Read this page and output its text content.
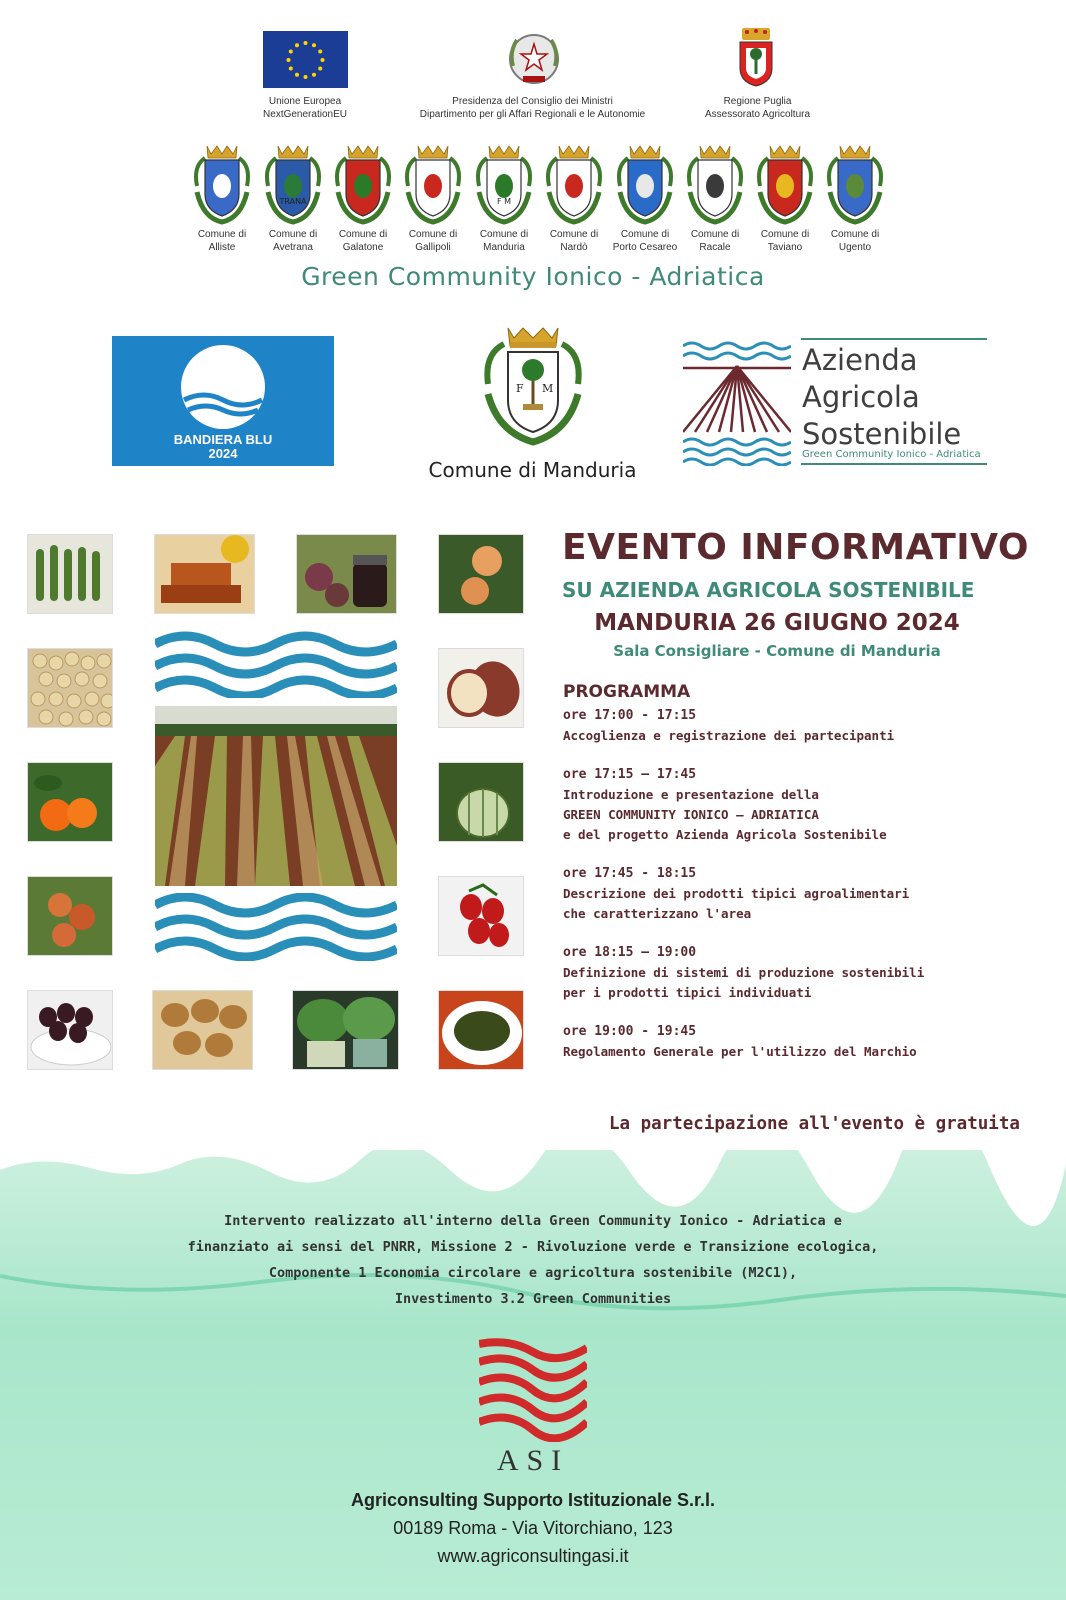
Unione Europea
NextGenerationEU
Presidenza del Consiglio dei Ministri
Dipartimento per gli Affari Regionali e le Autonomie
Regione Puglia
Assessorato Agricoltura
Comune di
Alliste
TRANA
Comune di
Avetrana
Comune di
Galatone
Comune di
Gallipoli
F M
Comune di
Manduria
Comune di
Nardò
Comune di
Porto Cesareo
Comune di
Racale
Comune di
Taviano
Comune di
Ugento
Green Community Ionico - Adriatica
BANDIERA BLU
2024
F M
Comune di Manduria
Azienda
Agricola
Sostenibile
Green Community Ionico - Adriatica
EVENTO INFORMATIVO
SU AZIENDA AGRICOLA SOSTENIBILE
MANDURIA 26 GIUGNO 2024
Sala Consigliare - Comune di Manduria
PROGRAMMA
ore 17:00 - 17:15
Accoglienza e registrazione dei partecipanti
ore 17:15 – 17:45
Introduzione e presentazione della
GREEN COMMUNITY IONICO – ADRIATICA
e del progetto Azienda Agricola Sostenibile
ore 17:45 - 18:15
Descrizione dei prodotti tipici agroalimentari
che caratterizzano l'area
ore 18:15 – 19:00
Definizione di sistemi di produzione sostenibili
per i prodotti tipici individuati
ore 19:00 - 19:45
Regolamento Generale per l'utilizzo del Marchio
La partecipazione all'evento è gratuita
Intervento realizzato all'interno della Green Community Ionico - Adriatica e
finanziato ai sensi del PNRR, Missione 2 - Rivoluzione verde e Transizione ecologica,
Componente 1 Economia circolare e agricoltura sostenibile (M2C1),
Investimento 3.2 Green Communities
ASI
Agriconsulting Supporto Istituzionale S.r.l.
00189 Roma - Via Vitorchiano, 123
www.agriconsultingasi.it
